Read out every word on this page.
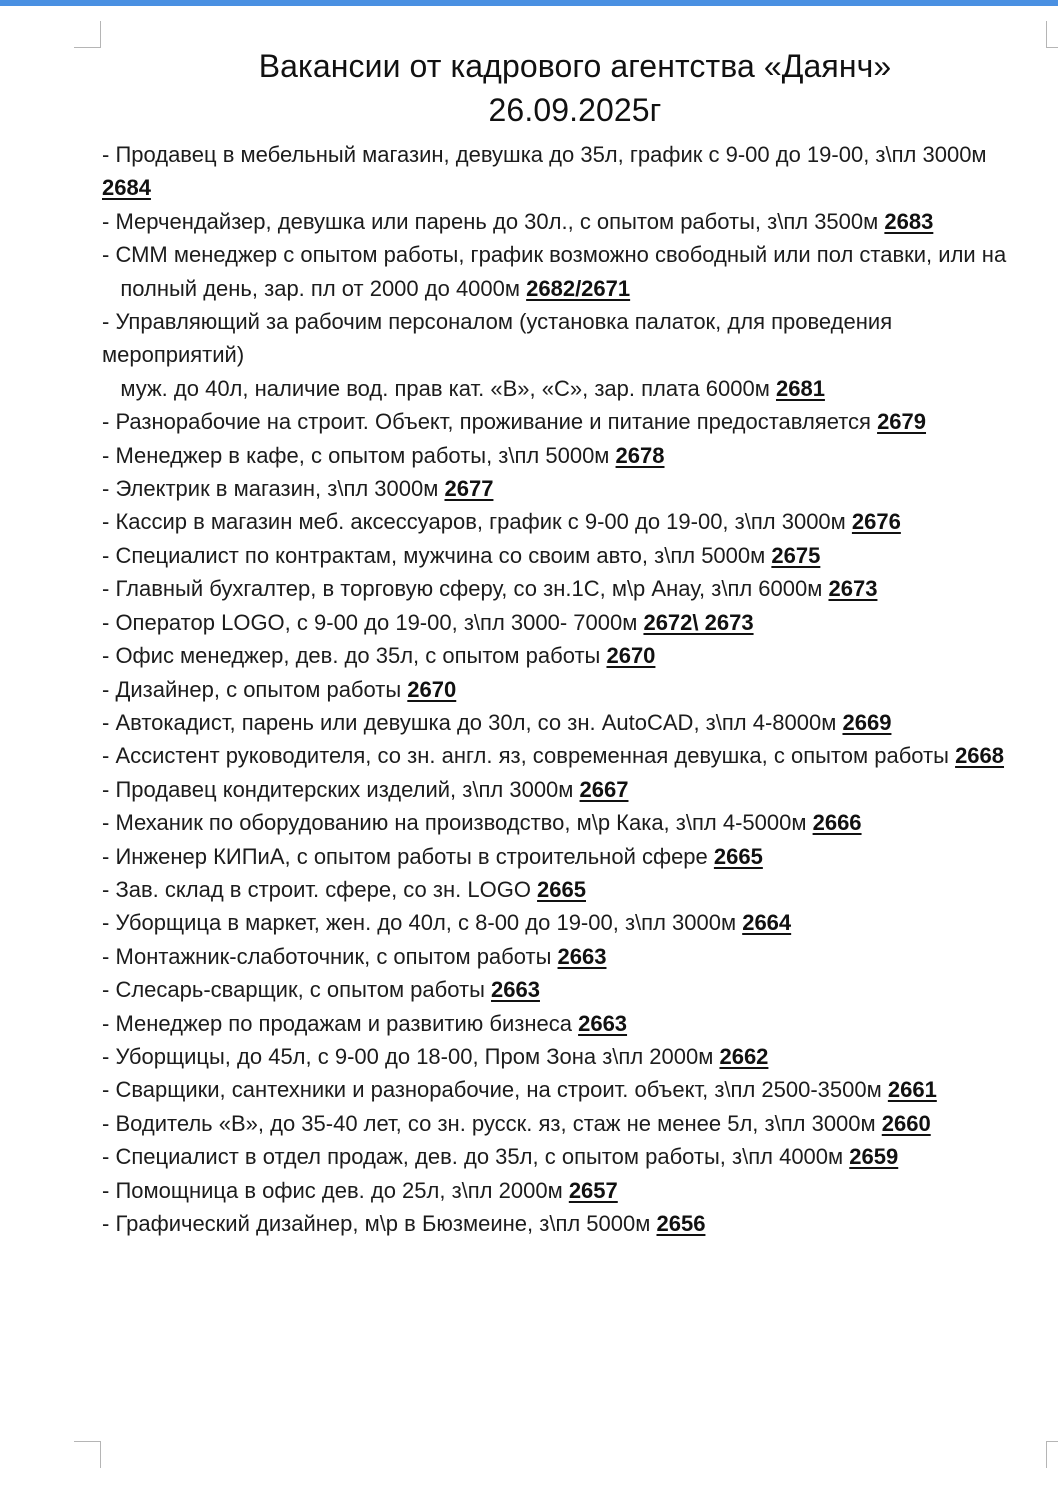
Вакансии от кадрового агентства «Даянч»
26.09.2025г
- Продавец в мебельный магазин, девушка до 35л, график с 9-00 до 19-00, з\пл 3000м 2684
- Мерчендайзер, девушка или парень до 30л., с опытом работы, з\пл 3500м 2683
- СММ менеджер с опытом работы, график возможно свободный или пол ставки, или на
полный день, зар. пл от 2000 до 4000м 2682/2671
- Управляющий за рабочим персоналом (установка палаток, для проведения мероприятий)
муж. до 40л, наличие вод. прав кат. «В», «С», зар. плата 6000м 2681
- Разнорабочие на строит. Объект, проживание и питание предоставляется 2679
- Менеджер в кафе, с опытом работы, з\пл 5000м 2678
- Электрик в магазин, з\пл 3000м 2677
- Кассир в магазин меб. аксессуаров, график с 9-00 до 19-00, з\пл 3000м 2676
- Специалист по контрактам, мужчина со своим авто, з\пл 5000м 2675
- Главный бухгалтер, в торговую сферу, со зн.1С, м\р Анау, з\пл 6000м 2673
- Оператор LOGO, с 9-00 до 19-00, з\пл 3000- 7000м 2672\ 2673
- Офис менеджер, дев. до 35л, с опытом работы 2670
- Дизайнер, с опытом работы 2670
- Автокадист, парень или девушка до 30л, со зн. AutoCAD, з\пл 4-8000м 2669
- Ассистент руководителя, со зн. англ. яз, современная девушка, с опытом работы 2668
- Продавец кондитерских изделий, з\пл 3000м 2667
- Механик по оборудованию на производство, м\р Кака, з\пл 4-5000м 2666
- Инженер КИПиА, с опытом работы в строительной сфере 2665
- Зав. склад в строит. сфере, со зн. LOGO 2665
- Уборщица в маркет, жен. до 40л, с 8-00 до 19-00, з\пл 3000м 2664
- Монтажник-слаботочник, с опытом работы 2663
- Слесарь-сварщик, с опытом работы 2663
- Менеджер по продажам и развитию бизнеса 2663
- Уборщицы, до 45л, с 9-00 до 18-00, Пром Зона з\пл 2000м 2662
- Сварщики, сантехники и разнорабочие, на строит. объект, з\пл 2500-3500м 2661
- Водитель «В», до 35-40 лет, со зн. русск. яз, стаж не менее 5л, з\пл 3000м 2660
- Специалист в отдел продаж, дев. до 35л, с опытом работы, з\пл 4000м 2659
- Помощница в офис дев. до 25л, з\пл 2000м 2657
- Графический дизайнер, м\р в Бюзмеине, з\пл 5000м 2656
